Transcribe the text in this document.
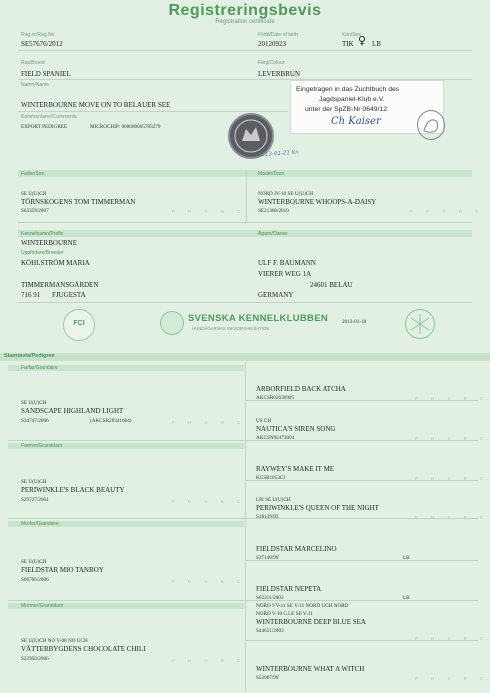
Registreringsbevis
Registration certificate
Reg.nr/Reg.No
SE57676/2012
Född/Date of birth
20120923
Kön/Sex
TIK ♀ LB
Ras/Breed
FIELD SPANIEL
Färg/Colour
LEVERBRUN
Namn/Name
WINTERBOURNE MOVE ON TO BELAUER SEE
Kommentarer/Comments
EXPORT PEDIGREE	MICROCHIP: 968000005783279
Eingetragen in das Zuchtbuch des
Jagdspaniel-Klub e.V.
unter der SpZB-Nr 0649/12
Ch Kaiser
2013-01-21 Kn
Fader/Sire	Moder/Dam
SE U(U)CH
TÖRNSKOGENS TOM TIMMERMAN
S63359/2007
NORD JV-10 SE U(U)CH
WINTERBOURNE WHOOPS-A-DAISY
SE21360/2010
F H S B C	F H S B C
Kennelnamn/Prefix	Ägare/Owner
WINTERBOURNE
Uppfödare/Breeder
KÖHLSTRÖM MARIA
TIMMERMANSGÅRDEN
716 91 FJUGESTA
ULF F. BAUMANN
VIERER WEG 1A
24601 BELAU
GERMANY
FCI	SVENSKA KENNELKLUBBEN
HUNDÄGARNAS RIKSORGANISATION
2013-01-18
Stamtavla/Pedigree
Farfar/Grandsire
SE U(U)CH
SANDSCAPE HIGHLAND LIGHT
S34747/2006	(AKCSR28341604)
Farmor/Granddam
SE U(U)CH
PERIWINKLE'S BLACK BEAUTY
S29727/2001
Morfar/Grandsire
SE U(U)CH
FIELDSTAR MIO TANBOY
S66766/2006
Mormor/Granddam
SE U(U)CH NO V-08 NO UCH
VÄTTERBYGDENS CHOCOLATE CHILI
S22950/2006
ARBORFIELD BACK ATCHA
AKCSR02636905
US CH
NAUTICA'S SIREN SONG
AKCSN92472004
RAYWEY'S MAKE IT ME
KCSR1853CJ
LPI SE U(U)CH
PERIWINKLE'S QUEEN OF THE NIGHT
S18139/95
FIELDSTAR MARCELINO
S37149/99	LB
FIELDSTAR NEPETA
S62211/2003	LB
NORD VV-11 SE V-11 NORD UCH NORD
NORD V-10 C.I.E SE V-11
WINTERBOURNE DEEP BLUE SEA
S44651/2003
WINTERBOURNE WHAT A WITCH
S53087/99
F H S B C
F H S B C
F H S B C
F H S B C
F H S B C
F H S B C
F H S B C
F H S B C
F H S B C
F H S B C
